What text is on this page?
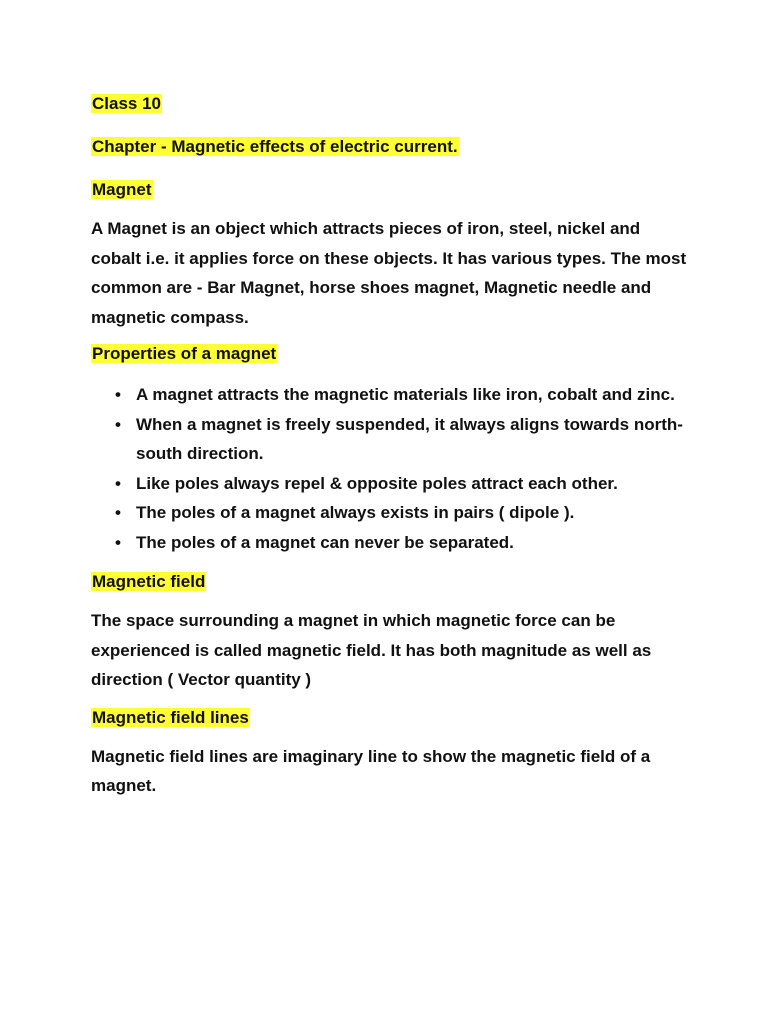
Class 10
Chapter - Magnetic effects of electric current.
Magnet

A Magnet is an object which attracts pieces of iron, steel, nickel and cobalt i.e. it applies force on these objects. It has various types. The most common are - Bar Magnet, horse shoes magnet, Magnetic needle and magnetic compass.

Properties of a magnet
• A magnet attracts the magnetic materials like iron, cobalt and zinc.
• When a magnet is freely suspended, it always aligns towards north-south direction.
• Like poles always repel & opposite poles attract each other.
• The poles of a magnet always exists in pairs ( dipole ).
• The poles of a magnet can never be separated.
Magnetic field

The space surrounding a magnet in which magnetic force can be experienced is called magnetic field. It has both magnitude as well as direction ( Vector quantity )

Magnetic field lines

Magnetic field lines are imaginary line to show the magnetic field of a magnet.
